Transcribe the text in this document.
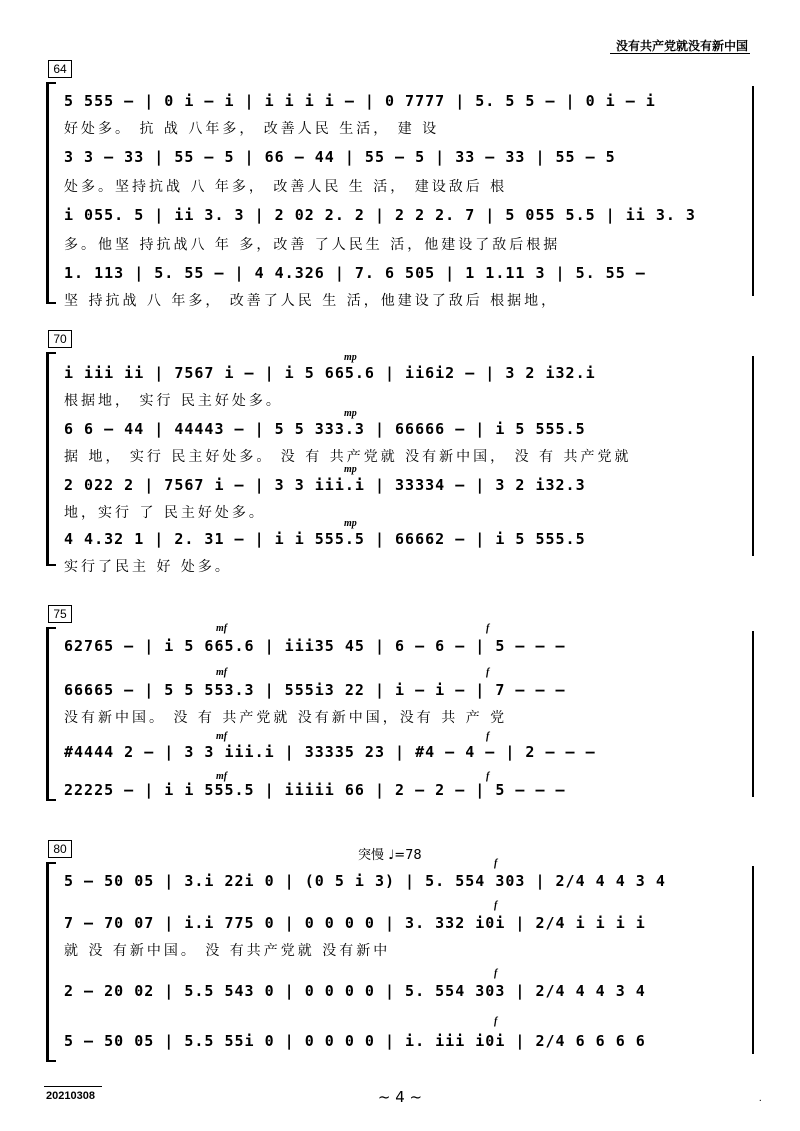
没有共产党就没有新中国
64
5 555 – | 0 i – i | i i i i – | 0 7777 | 5. 5 5 – | 0 i – i
好处多。 抗 战 八年多， 改善人民 生活， 建 设
3 3 – 33 | 55 – 5 | 66 – 44 | 55 – 5 | 33 – 33 | 55 – 5
处多。坚持抗战 八 年多， 改善人民 生 活， 建设敌后 根
i 055. 5 | ii 3. 3 | 2 02 2. 2 | 2 2 2. 7 | 5 055 5.5 | ii 3. 3
多。他坚 持抗战八 年 多，改善 了人民生 活，他建设了敌后根据
1. 113 | 5. 55 – | 4 4.326 | 7. 6 505 | 1 1.11 3 | 5. 55 –
坚 持抗战 八 年多， 改善了人民 生 活，他建设了敌后 根据地，
70
mp
mp
mp
mp
i iii ii | 7567 i – | i 5 665.6 | ii6i2 – | 3 2 i32.i
根据地， 实行 民主好处多。
6 6 – 44 | 44443 – | 5 5 333.3 | 66666 – | i 5 555.5
据 地， 实行 民主好处多。 没 有 共产党就 没有新中国， 没 有 共产党就
2 022 2 | 7567 i – | 3 3 iii.i | 33334 – | 3 2 i32.3
地，实行 了 民主好处多。
4 4.32 1 | 2. 31 – | i i 555.5 | 66662 – | i 5 555.5
实行了民主 好 处多。
75
mf
mf
mf
mf
f
f
f
f
62765 – | i 5 665.6 | iii35 45 | 6 – 6 – | 5 – – –
66665 – | 5 5 553.3 | 555i3 22 | i – i – | 7 – – –
没有新中国。 没 有 共产党就 没有新中国，没有 共 产 党
#4444 2 – | 3 3 iii.i | 33335 23 | #4 – 4 – | 2 – – –
22225 – | i i 555.5 | iiiii 66 | 2 – 2 – | 5 – – –
80	突慢 ♩=78
f
f
f
f
5 – 50 05 | 3.i 22i 0 | (0 5 i 3) | 5. 554 303 | 2/4 4 4 3 4
7 – 70 07 | i.i 775 0 | 0 0 0 0 | 3. 332 i0i | 2/4 i i i i
就 没 有新中国。 没 有共产党就 没有新中
2 – 20 02 | 5.5 543 0 | 0 0 0 0 | 5. 554 303 | 2/4 4 4 3 4
5 – 50 05 | 5.5 55i 0 | 0 0 0 0 | i. iii i0i | 2/4 6 6 6 6
20210308	~ 4 ~	·
